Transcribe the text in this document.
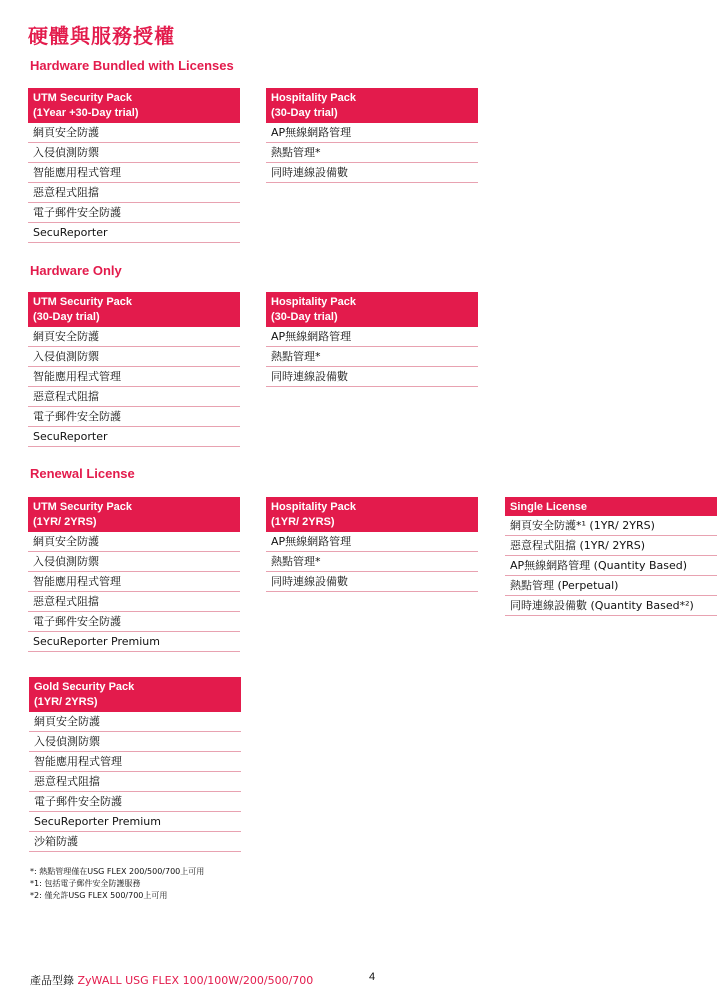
硬體與服務授權
Hardware Bundled with Licenses
UTM Security Pack
(1Year +30-Day trial)
網頁安全防護
入侵偵測防禦
智能應用程式管理
惡意程式阻擋
電子郵件安全防護
SecuReporter
Hospitality Pack
(30-Day trial)
AP無線網路管理
熱點管理*
同時連線設備數
Hardware Only
UTM Security Pack
(30-Day trial)
網頁安全防護
入侵偵測防禦
智能應用程式管理
惡意程式阻擋
電子郵件安全防護
SecuReporter
Hospitality Pack
(30-Day trial)
AP無線網路管理
熱點管理*
同時連線設備數
Renewal License
UTM Security Pack
(1YR/ 2YRS)
網頁安全防護
入侵偵測防禦
智能應用程式管理
惡意程式阻擋
電子郵件安全防護
SecuReporter Premium
Hospitality Pack
(1YR/ 2YRS)
AP無線網路管理
熱點管理*
同時連線設備數
Single License
網頁安全防護*¹ (1YR/ 2YRS)
惡意程式阻擋 (1YR/ 2YRS)
AP無線網路管理 (Quantity Based)
熱點管理 (Perpetual)
同時連線設備數 (Quantity Based*²)
Gold Security Pack
(1YR/ 2YRS)
網頁安全防護
入侵偵測防禦
智能應用程式管理
惡意程式阻擋
電子郵件安全防護
SecuReporter Premium
沙箱防護
*: 熱點管理僅在USG FLEX 200/500/700上可用
*1: 包括電子郵件安全防護服務
*2: 僅允許USG FLEX 500/700上可用
產品型錄 ZyWALL USG FLEX 100/100W/200/500/700	4
